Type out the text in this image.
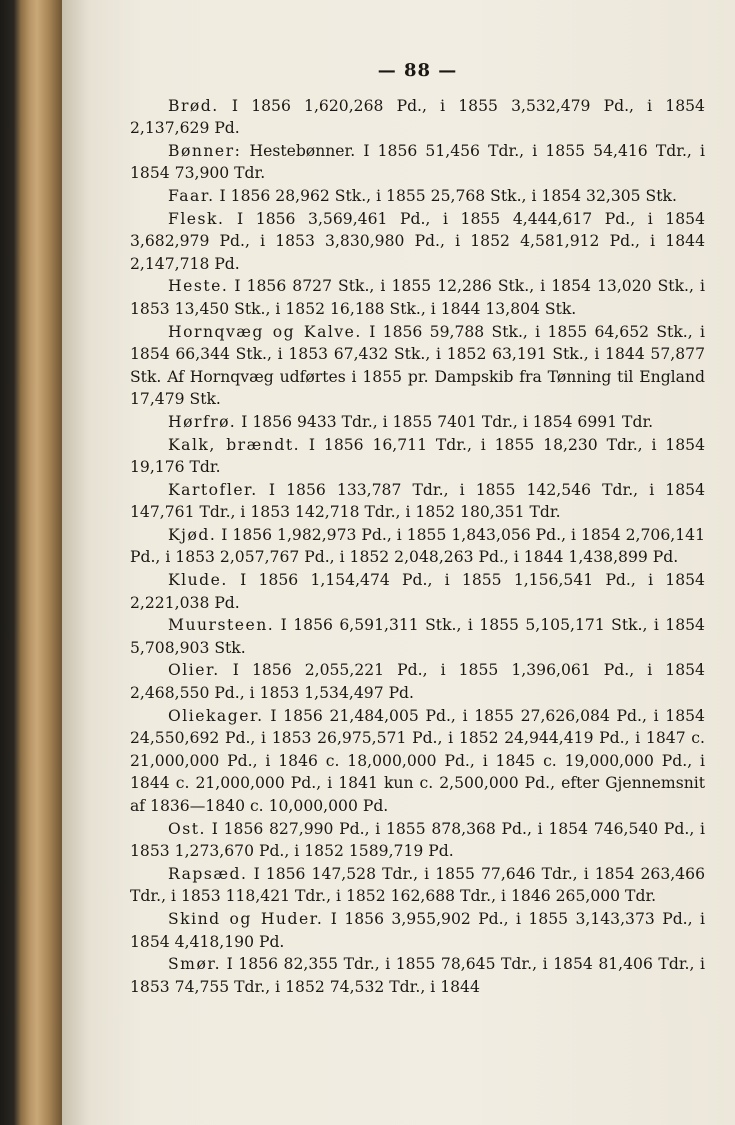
— 88 —

Brød. I 1856 1,620,268 Pd., i 1855 3,532,479 Pd., i 1854 2,137,629 Pd.

Bønner: Hestebønner. I 1856 51,456 Tdr., i 1855 54,416 Tdr., i 1854 73,900 Tdr.

Faar. I 1856 28,962 Stk., i 1855 25,768 Stk., i 1854 32,305 Stk.

Flesk. I 1856 3,569,461 Pd., i 1855 4,444,617 Pd., i 1854 3,682,979 Pd., i 1853 3,830,980 Pd., i 1852 4,581,912 Pd., i 1844 2,147,718 Pd.

Heste. I 1856 8727 Stk., i 1855 12,286 Stk., i 1854 13,020 Stk., i 1853 13,450 Stk., i 1852 16,188 Stk., i 1844 13,804 Stk.

Hornqvæg og Kalve. I 1856 59,788 Stk., i 1855 64,652 Stk., i 1854 66,344 Stk., i 1853 67,432 Stk., i 1852 63,191 Stk., i 1844 57,877 Stk. Af Hornqvæg udførtes i 1855 pr. Dampskib fra Tønning til England 17,479 Stk.

Hørfrø. I 1856 9433 Tdr., i 1855 7401 Tdr., i 1854 6991 Tdr.

Kalk, brændt. I 1856 16,711 Tdr., i 1855 18,230 Tdr., i 1854 19,176 Tdr.

Kartofler. I 1856 133,787 Tdr., i 1855 142,546 Tdr., i 1854 147,761 Tdr., i 1853 142,718 Tdr., i 1852 180,351 Tdr.

Kjød. I 1856 1,982,973 Pd., i 1855 1,843,056 Pd., i 1854 2,706,141 Pd., i 1853 2,057,767 Pd., i 1852 2,048,263 Pd., i 1844 1,438,899 Pd.

Klude. I 1856 1,154,474 Pd., i 1855 1,156,541 Pd., i 1854 2,221,038 Pd.

Muursteen. I 1856 6,591,311 Stk., i 1855 5,105,171 Stk., i 1854 5,708,903 Stk.

Olier. I 1856 2,055,221 Pd., i 1855 1,396,061 Pd., i 1854 2,468,550 Pd., i 1853 1,534,497 Pd.

Oliekager. I 1856 21,484,005 Pd., i 1855 27,626,084 Pd., i 1854 24,550,692 Pd., i 1853 26,975,571 Pd., i 1852 24,944,419 Pd., i 1847 c. 21,000,000 Pd., i 1846 c. 18,000,000 Pd., i 1845 c. 19,000,000 Pd., i 1844 c. 21,000,000 Pd., i 1841 kun c. 2,500,000 Pd., efter Gjennemsnit af 1836—1840 c. 10,000,000 Pd.

Ost. I 1856 827,990 Pd., i 1855 878,368 Pd., i 1854 746,540 Pd., i 1853 1,273,670 Pd., i 1852 1589,719 Pd.

Rapsæd. I 1856 147,528 Tdr., i 1855 77,646 Tdr., i 1854 263,466 Tdr., i 1853 118,421 Tdr., i 1852 162,688 Tdr., i 1846 265,000 Tdr.

Skind og Huder. I 1856 3,955,902 Pd., i 1855 3,143,373 Pd., i 1854 4,418,190 Pd.

Smør. I 1856 82,355 Tdr., i 1855 78,645 Tdr., i 1854 81,406 Tdr., i 1853 74,755 Tdr., i 1852 74,532 Tdr., i 1844
